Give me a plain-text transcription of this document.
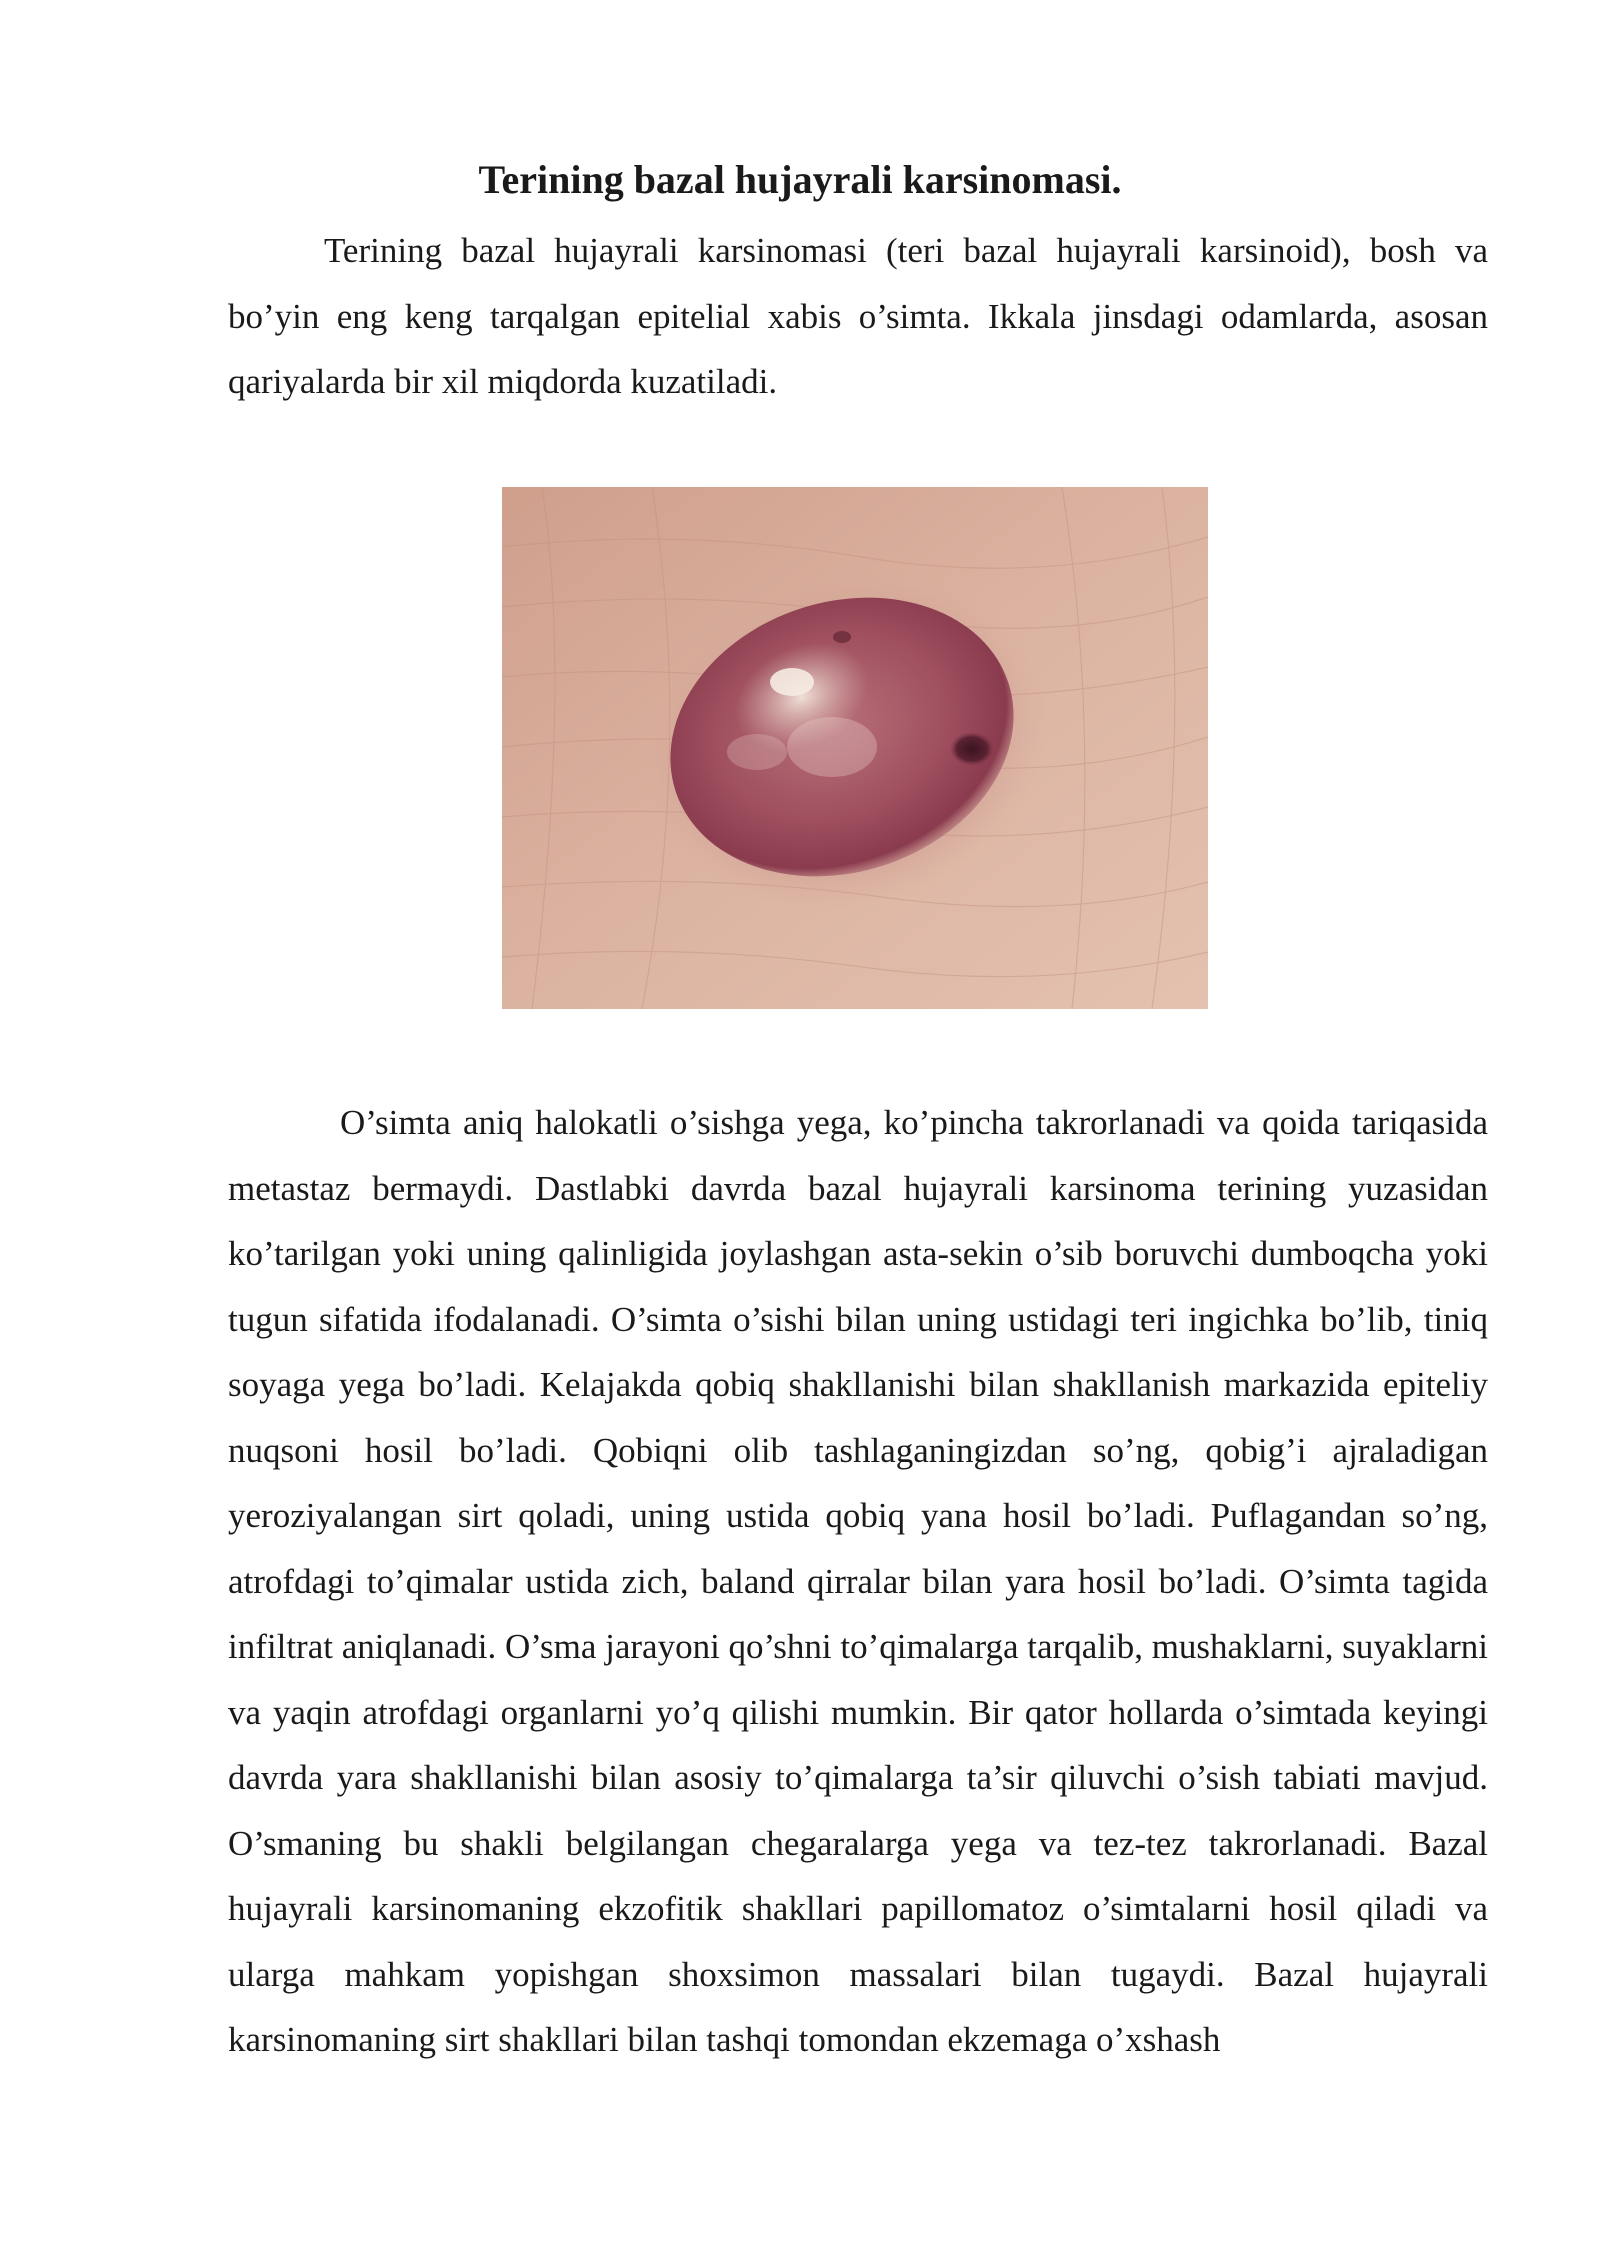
Terining bazal hujayrali karsinomasi.

Terining bazal hujayrali karsinomasi (teri bazal hujayrali karsinoid), bosh va bo’yin eng keng tarqalgan epitelial xabis o’simta. Ikkala jinsdagi odamlarda, asosan qariyalarda bir xil miqdorda kuzatiladi.

O’simta aniq halokatli o’sishga yega, ko’pincha takrorlanadi va qoida tariqasida metastaz bermaydi. Dastlabki davrda bazal hujayrali karsinoma terining yuzasidan ko’tarilgan yoki uning qalinligida joylashgan asta-sekin o’sib boruvchi dumboqcha yoki tugun sifatida ifodalanadi. O’simta o’sishi bilan uning ustidagi teri ingichka bo’lib, tiniq soyaga yega bo’ladi. Kelajakda qobiq shakllanishi bilan shakllanish markazida epiteliy nuqsoni hosil bo’ladi. Qobiqni olib tashlaganingizdan so’ng, qobig’i ajraladigan yeroziyalangan sirt qoladi, uning ustida qobiq yana hosil bo’ladi. Puflagandan so’ng, atrofdagi to’qimalar ustida zich, baland qirralar bilan yara hosil bo’ladi. O’simta tagida infiltrat aniqlanadi. O’sma jarayoni qo’shni to’qimalarga tarqalib, mushaklarni, suyaklarni va yaqin atrofdagi organlarni yo’q qilishi mumkin. Bir qator hollarda o’simtada keyingi davrda yara shakllanishi bilan asosiy to’qimalarga ta’sir qiluvchi o’sish tabiati mavjud. O’smaning bu shakli belgilangan chegaralarga yega va tez-tez takrorlanadi. Bazal hujayrali karsinomaning ekzofitik shakllari papillomatoz o’simtalarni hosil qiladi va ularga mahkam yopishgan shoxsimon massalari bilan tugaydi. Bazal hujayrali karsinomaning sirt shakllari bilan tashqi tomondan ekzemaga o’xshash
